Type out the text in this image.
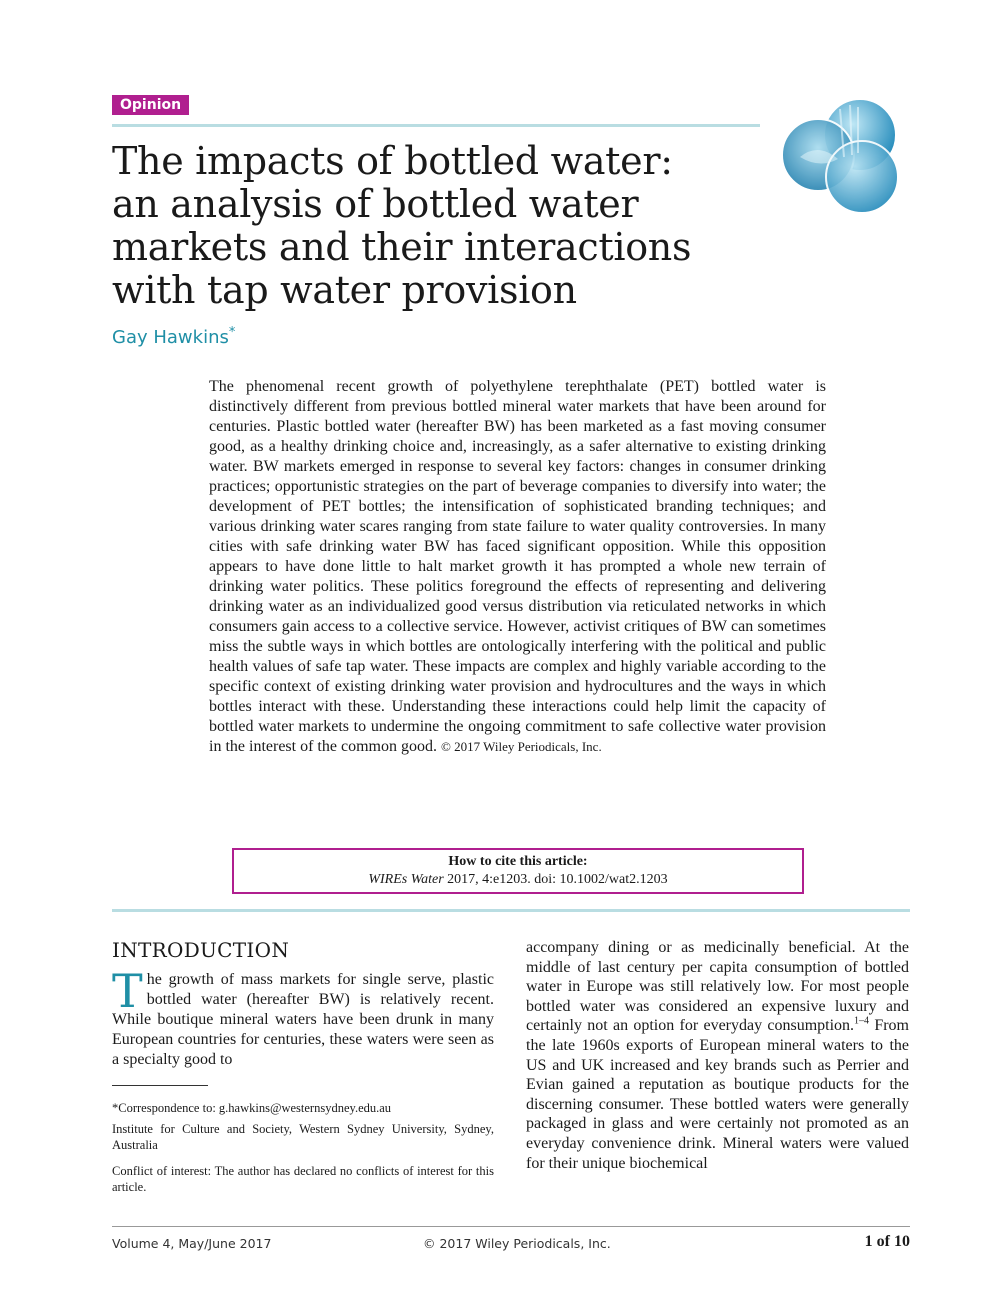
Opinion
The impacts of bottled water:
an analysis of bottled water
markets and their interactions
with tap water provision
Gay Hawkins*

The phenomenal recent growth of polyethylene terephthalate (PET) bottled water is distinctively different from previous bottled mineral water markets that have been around for centuries. Plastic bottled water (hereafter BW) has been marketed as a fast moving consumer good, as a healthy drinking choice and, increasingly, as a safer alternative to existing drinking water. BW markets emerged in response to several key factors: changes in consumer drinking practices; opportunistic strategies on the part of beverage companies to diversify into water; the development of PET bottles; the intensification of sophisticated branding techniques; and various drinking water scares ranging from state failure to water quality controversies. In many cities with safe drinking water BW has faced significant opposition. While this opposition appears to have done little to halt market growth it has prompted a whole new terrain of drinking water politics. These politics foreground the effects of representing and delivering drinking water as an individualized good versus distribution via reticulated networks in which consumers gain access to a collective service. However, activist critiques of BW can sometimes miss the subtle ways in which bottles are ontologically interfering with the political and public health values of safe tap water. These impacts are complex and highly variable according to the specific context of existing drinking water provision and hydrocultures and the ways in which bottles interact with these. Understanding these interactions could help limit the capacity of bottled water markets to undermine the ongoing commitment to safe collective water provision in the interest of the common good. © 2017 Wiley Periodicals, Inc.

How to cite this article:
WIREs Water 2017, 4:e1203. doi: 10.1002/wat2.1203
INTRODUCTION

The growth of mass markets for single serve, plastic bottled water (hereafter BW) is relatively recent. While boutique mineral waters have been drunk in many European countries for centuries, these waters were seen as a specialty good to

*Correspondence to: g.hawkins@westernsydney.edu.au

Institute for Culture and Society, Western Sydney University, Sydney, Australia

Conflict of interest: The author has declared no conflicts of interest for this article.

accompany dining or as medicinally beneficial. At the middle of last century per capita consumption of bottled water in Europe was still relatively low. For most people bottled water was considered an expensive luxury and certainly not an option for everyday consumption.$^{1-4}$ From the late 1960s exports of European mineral waters to the US and UK increased and key brands such as Perrier and Evian gained a reputation as boutique products for the discerning consumer. These bottled waters were generally packaged in glass and were certainly not promoted as an everyday convenience drink. Mineral waters were valued for their unique biochemical

Volume 4, May/June 2017	© 2017 Wiley Periodicals, Inc.	1 of 10
